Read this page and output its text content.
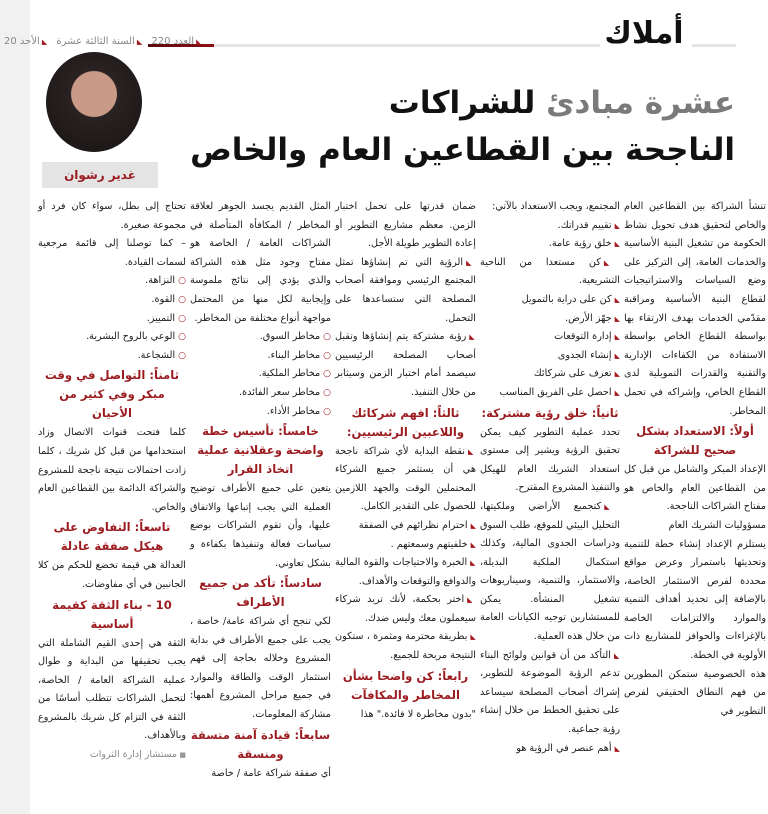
أملاك
◣العدد 220 ◣السنة الثالثة عشرة ◣الأحد 20
عشرة مبادئ للشراكات
الناجحة بين القطاعين العام والخاص
غدير رشوان

تنشأ الشراكة بين القطاعين العام والخاص لتحقيق هدف تحويل نشاط الحكومة من تشغيل البنية الأساسية والخدمات العامة، إلى التركيز على وضع السياسات والاستراتيجيات لقطاع البنية الأساسية ومراقبة مقدّمي الخدمات بهدف الارتقاء بها بواسطة القطاع الخاص بواسطة الاستفادة من الكفاءات الإدارية والتقنية والقدرات التمويلية لدى القطاع الخاص، وإشراكه في تحمل المخاطر.

أولاً: الاستعداد بشكل صحيح للشراكة

الإعداد المبكر والشامل من قبل كل من القطاعين العام والخاص هو مفتاح الشراكات الناجحة.

مسؤوليات الشريك العام

يستلزم الإعداد إنشاء خطة للتنمية وتحديثها باستمرار وعرض مواقع محددة لفرص الاستثمار الخاصة، بالإضافة إلى تحديد أهداف التنمية والموارد والالتزامات الخاصة بالإغراءات والحوافز للمشاريع ذات الأولوية في الخطة.

هذه الخصوصية ستمكن المطورين من فهم النطاق الحقيقي لفرص التطوير في

المجتمع، ويجب الاستعداد بالآتي:

◣ تقييم قدراتك.

◣ خلق رؤية عامة.

◣ كن مستعدا من الناحية التشريعية.

◣ كن على دراية بالتمويل

◣ جهّز الأرض.

◣ إدارة التوقعات

◣ إنشاء الجدوى

◣ تعرف على شركائك

◣ احصل على الفريق المناسب

ثانياً: خلق رؤية مشتركة:

تحدد عملية التطوير كيف يمكن تحقيق الرؤية ويشير إلى مستوى استعداد الشريك العام للهيكل والتنفيذ المشروع المقترح.

◣ كتجميع الأراضي وملكيتها، التحليل البيئي للموقع، طلب السوق ودراسات الجدوى المالية، وكذلك استكمال الملكية البديلة، والاستثمار، والتنمية، وسيناريوهات تشغيل المنشأة. يمكن للمستشارين توجيه الكيانات العامة من خلال هذه العملية.

◣ التأكد من أن قوانين ولوائح البناء تدعم الرؤية الموضوعة للتطوير، إشراك أصحاب المصلحة سيساعد على تحقيق الخطط من خلال إنشاء رؤية جماعية.

◣ أهم عنصر في الرؤية هو

ضمان قدرتها على تحمل اختبار الزمن. معظم مشاريع التطوير أو إعادة التطوير طويلة الأجل.

◣ الرؤية التي تم إنشاؤها تمثل المجتمع الرئيسي وموافقة أصحاب المصلحة التي ستساعدها على التحمل.

◣ رؤية مشتركة يتم إنشاؤها وتقبل أصحاب المصلحة الرئيسيين سيصمد أمام اختبار الزمن وسيثابر من خلال التنفيذ.

ثالثاً: افهم شركائك واللاعبين الرئيسيين:

◣ نقطة البداية لأي شراكة ناجحة هي أن يستثمر جميع الشركاء المحتملين الوقت والجهد اللازمين للحصول على التقدير الكامل.

◣ احترام نظرائهم في الصفقة

◣ خلفيتهم وسمعتهم .

◣ الخبرة والاحتياجات والقوة المالية والدوافع والتوقعات والأهداف.

◣ اختر بحكمة، لأنك تريد شركاء سيعملون معك وليس ضدك.

◣ بطريقة محترمة ومثمرة ، ستكون النتيجة مربحة للجميع.

رابعاً: كن واضحا بشأن المخاطر والمكافآت

"بدون مخاطرة لا فائدة." هذا

المثل القديم يجسد الجوهر لعلاقة المخاطر / المكافأة المتأصلة في الشراكات العامة / الخاصة هو مفتاح وجود مثل هذه الشراكة والذي يؤدي إلى نتائج ملموسة وإيجابية لكل منها من المحتمل مواجهة أنواع مختلفة من المخاطر.

○ مخاطر السوق.

○ مخاطر البناء.

○ مخاطر الملكية.

○ مخاطر سعر الفائدة.

○ مخاطر الأداء.

خامساً: تأسيس خطة واضحة وعقلانية عملية اتخاذ القرار

يتعين على جميع الأطراف توضيح العملية التي يجب إتباعها والاتفاق عليها، وأن تقوم الشراكات بوضع سياسات فعالة وتنفيذها بكفاءة و بشكل تعاوني.

سادساً: تأكد من جميع الأطراف

لكي تنجح أي شراكة عامة/ خاصة ، يجب على جميع الأطراف في بداية المشروع وخلاله بحاجة إلى فهم استثمار الوقت والطاقة والموارد في جميع مراحل المشروع أهمها: مشاركة المعلومات.

سابعاً: قيادة آمنة متسقة ومنسقة

أي صفقة شراكة عامة / خاصة

تحتاج إلى بطل، سواء كان فرد أو مجموعة صغيرة.

– كما توصلنا إلى قائمة مرجعية لسمات القيادة.

○ النزاهة.

○ القوة.

○ التمييز.

○ الوعي بالروح البشرية.

○ الشجاعة.

ثامناً: التواصل في وقت مبكر وفي كثير من الأحيان

كلما فتحت قنوات الاتصال وزاد استخدامها من قبل كل شريك ، كلما زادت احتمالات نتيجة ناجحة للمشروع والشراكة الدائمة بين القطاعين العام والخاص.

تاسعاً: التفاوض على هيكل صفقة عادلة

العدالة هي قيمة تخضع للحكم من كلا الجانبين في أي مفاوضات.

10 - بناء الثقة كقيمة أساسية

الثقة هي إحدى القيم الشاملة التي يجب تحقيقها من البداية و طوال عملية الشراكة العامة / الخاصة، لتحمل الشراكات تتطلب أساسًا من الثقة في التزام كل شريك بالمشروع وبالأهداف.

■ مستشار إدارة الثروات
